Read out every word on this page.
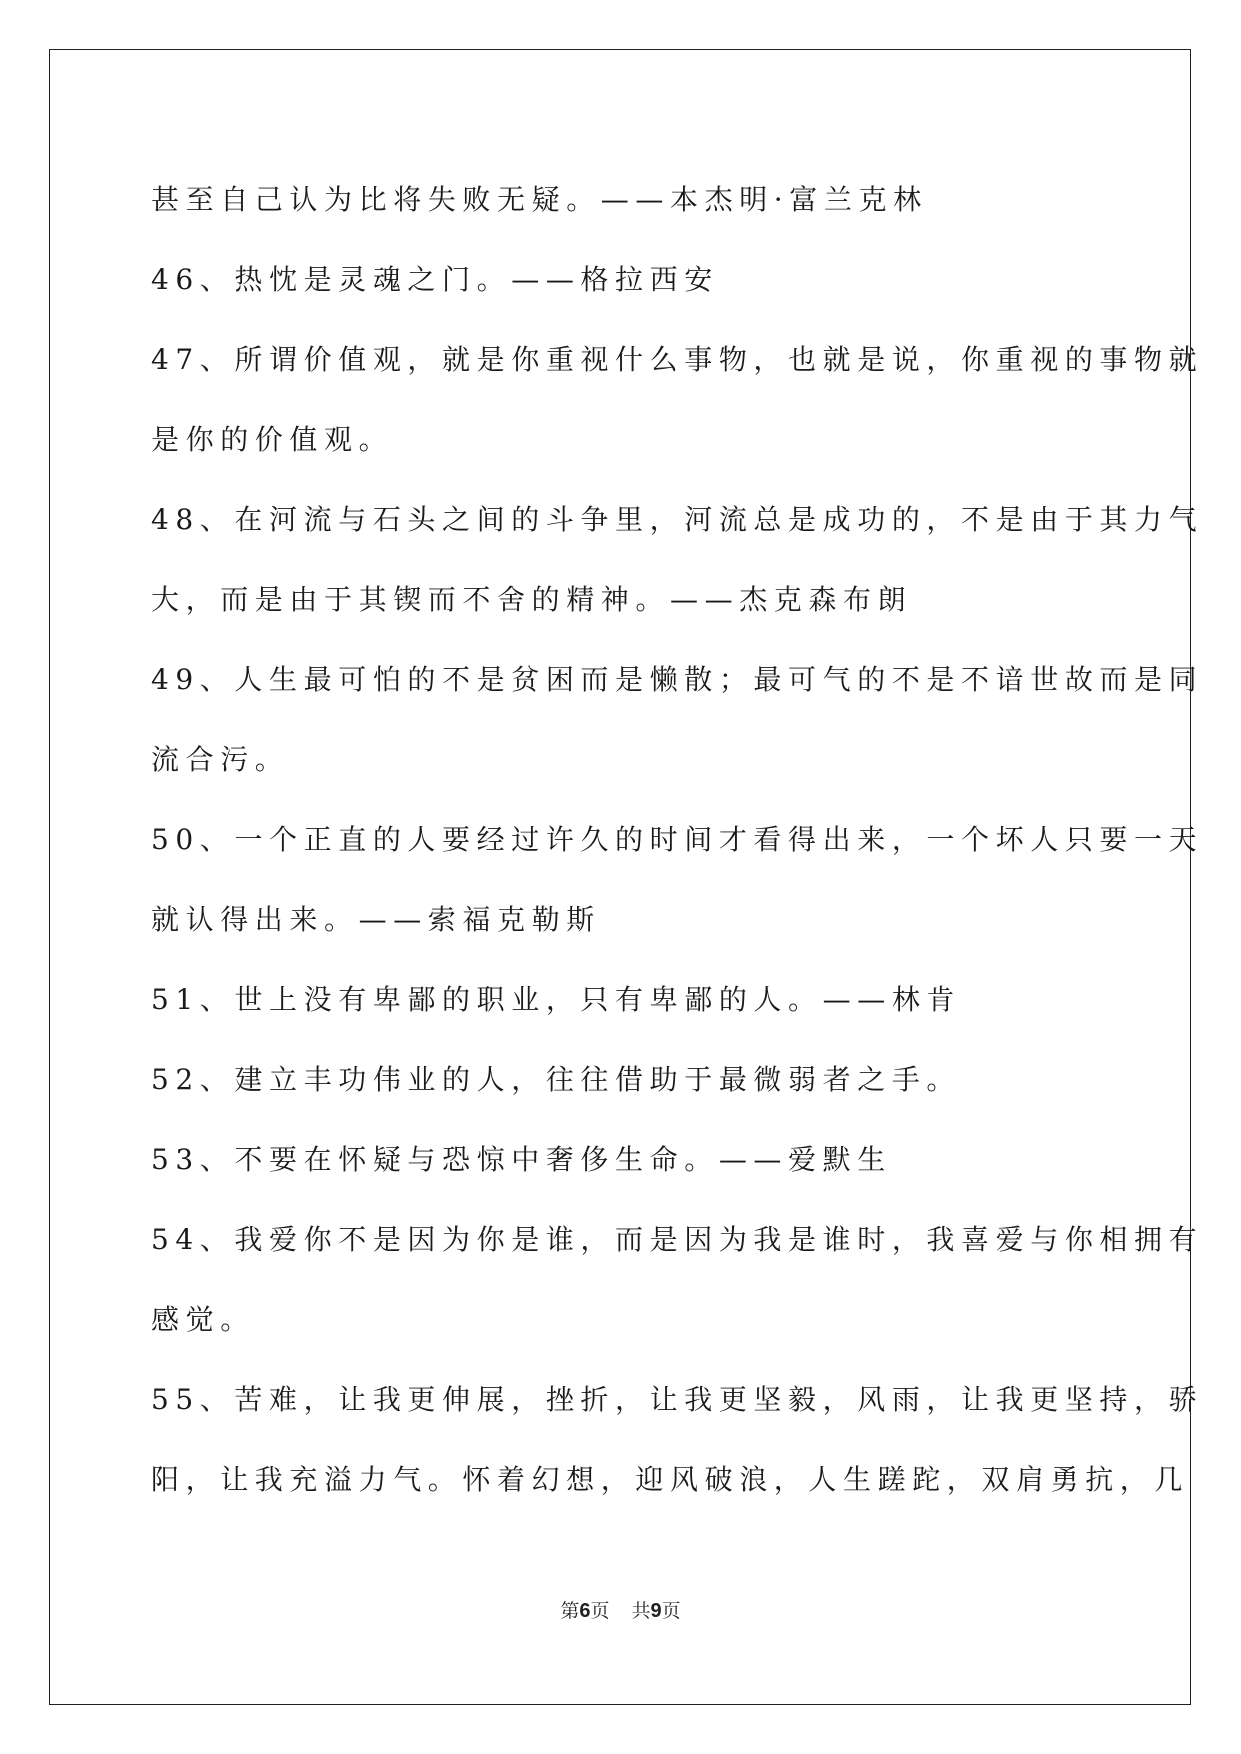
甚至自己认为比将失败无疑。——本杰明·富兰克林
46、热忱是灵魂之门。——格拉西安
47、所谓价值观，就是你重视什么事物，也就是说，你重视的事物就
是你的价值观。
48、在河流与石头之间的斗争里，河流总是成功的，不是由于其力气
大，而是由于其锲而不舍的精神。——杰克森布朗
49、人生最可怕的不是贫困而是懒散；最可气的不是不谙世故而是同
流合污。
50、一个正直的人要经过许久的时间才看得出来，一个坏人只要一天
就认得出来。——索福克勒斯
51、世上没有卑鄙的职业，只有卑鄙的人。——林肯
52、建立丰功伟业的人，往往借助于最微弱者之手。
53、不要在怀疑与恐惊中奢侈生命。——爱默生
54、我爱你不是因为你是谁，而是因为我是谁时，我喜爱与你相拥有
感觉。
55、苦难，让我更伸展，挫折，让我更坚毅，风雨，让我更坚持，骄
阳，让我充溢力气。怀着幻想，迎风破浪，人生蹉跎，双肩勇抗，几
第6页 共9页
